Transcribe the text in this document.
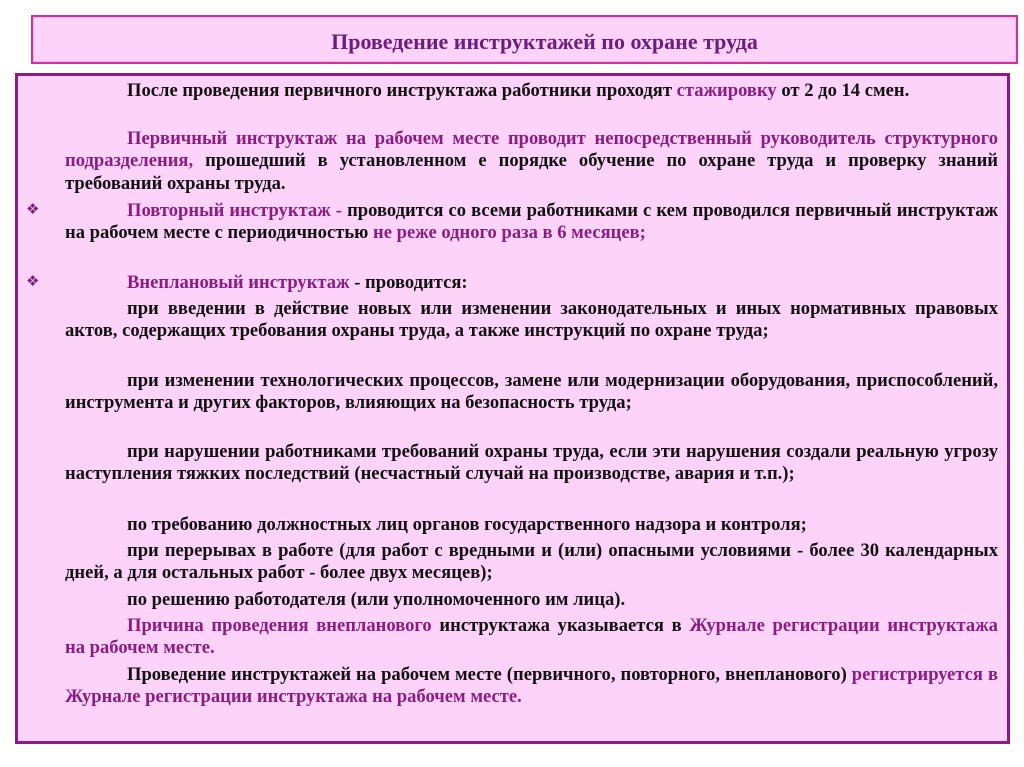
Проведение инструктажей по охране труда
❖
❖

После проведения первичного инструктажа работники проходят стажировку от 2 до 14 смен.

Первичный инструктаж на рабочем месте проводит непосредственный руководитель структурного подразделения, прошедший в установленном е порядке обучение по охране труда и проверку знаний требований охраны труда.

Повторный инструктаж - проводится со всеми работниками с кем проводился первичный инструктаж на рабочем месте с периодичностью не реже одного раза в 6 месяцев;

Внеплановый инструктаж - проводится:

при введении в действие новых или изменении законодательных и иных нормативных правовых актов, содержащих требования охраны труда, а также инструкций по охране труда;

при изменении технологических процессов, замене или модернизации оборудования, приспособлений, инструмента и других факторов, влияющих на безопасность труда;

при нарушении работниками требований охраны труда, если эти нарушения создали реальную угрозу наступления тяжких последствий (несчастный случай на производстве, авария и т.п.);

по требованию должностных лиц органов государственного надзора и контроля;

при перерывах в работе (для работ с вредными и (или) опасными условиями - более 30 календарных дней, а для остальных работ - более двух месяцев);

по решению работодателя (или уполномоченного им лица).

Причина проведения внепланового инструктажа указывается в Журнале регистрации инструктажа на рабочем месте.

Проведение инструктажей на рабочем месте (первичного, повторного, внепланового) регистрируется в Журнале регистрации инструктажа на рабочем месте.
